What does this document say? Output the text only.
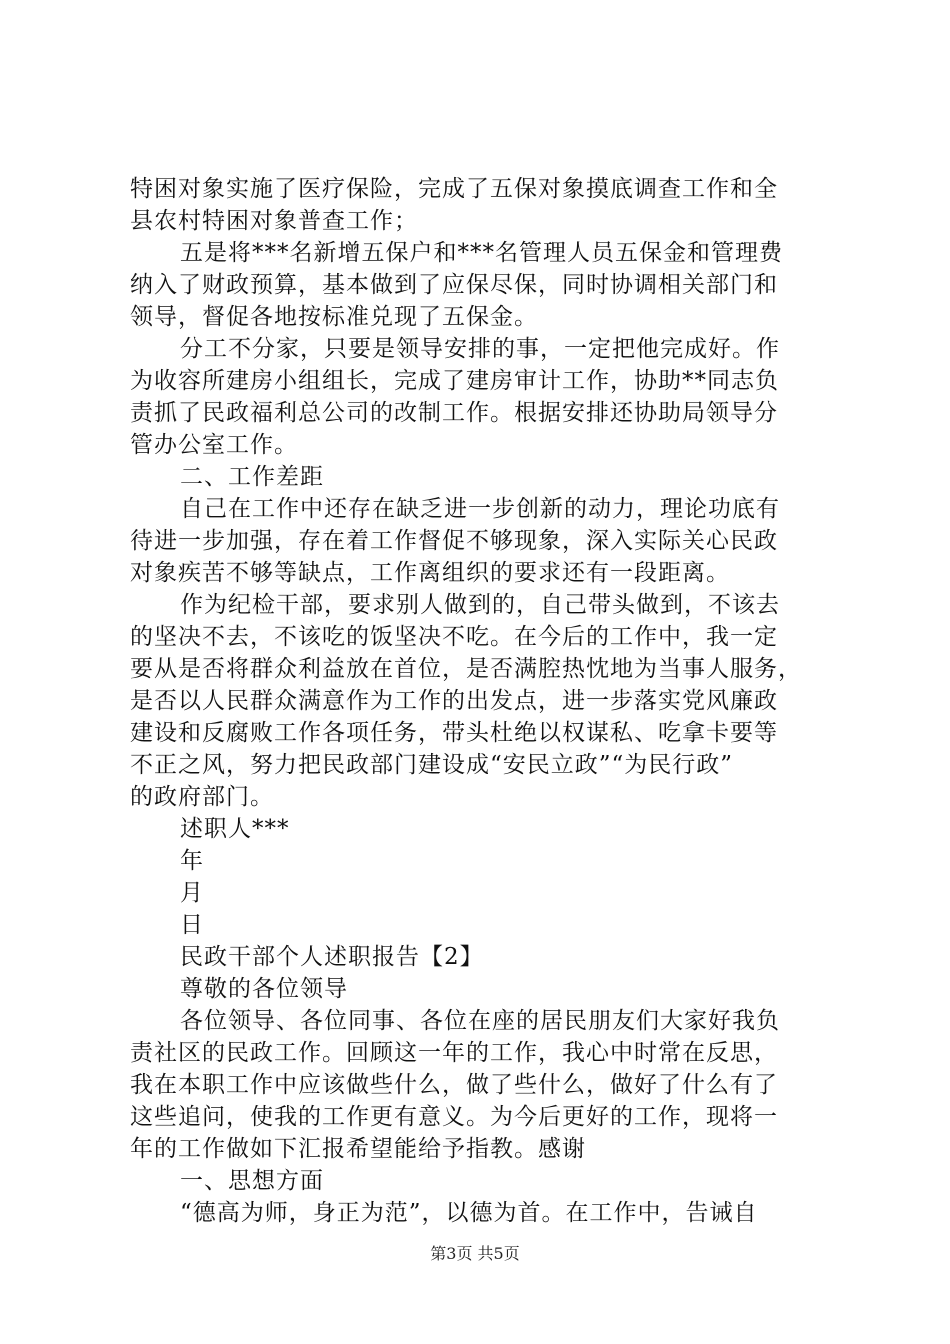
特困对象实施了医疗保险，完成了五保对象摸底调查工作和全
县农村特困对象普查工作；
五是将***名新增五保户和***名管理人员五保金和管理费
纳入了财政预算，基本做到了应保尽保，同时协调相关部门和
领导，督促各地按标准兑现了五保金。
分工不分家，只要是领导安排的事，一定把他完成好。作
为收容所建房小组组长，完成了建房审计工作，协助**同志负
责抓了民政福利总公司的改制工作。根据安排还协助局领导分
管办公室工作。
二、工作差距
自己在工作中还存在缺乏进一步创新的动力，理论功底有
待进一步加强，存在着工作督促不够现象，深入实际关心民政
对象疾苦不够等缺点，工作离组织的要求还有一段距离。
作为纪检干部，要求别人做到的，自己带头做到，不该去
的坚决不去，不该吃的饭坚决不吃。在今后的工作中，我一定
要从是否将群众利益放在首位，是否满腔热忱地为当事人服务，
是否以人民群众满意作为工作的出发点，进一步落实党风廉政
建设和反腐败工作各项任务，带头杜绝以权谋私、吃拿卡要等
不正之风，努力把民政部门建设成“安民立政”“为民行政”
的政府部门。
述职人***
年
月
日
民政干部个人述职报告【2】
尊敬的各位领导
各位领导、各位同事、各位在座的居民朋友们大家好我负
责社区的民政工作。回顾这一年的工作，我心中时常在反思，
我在本职工作中应该做些什么，做了些什么，做好了什么有了
这些追问，使我的工作更有意义。为今后更好的工作，现将一
年的工作做如下汇报希望能给予指教。感谢
一、思想方面
“德高为师，身正为范”，以德为首。在工作中，告诫自
第3页 共5页
